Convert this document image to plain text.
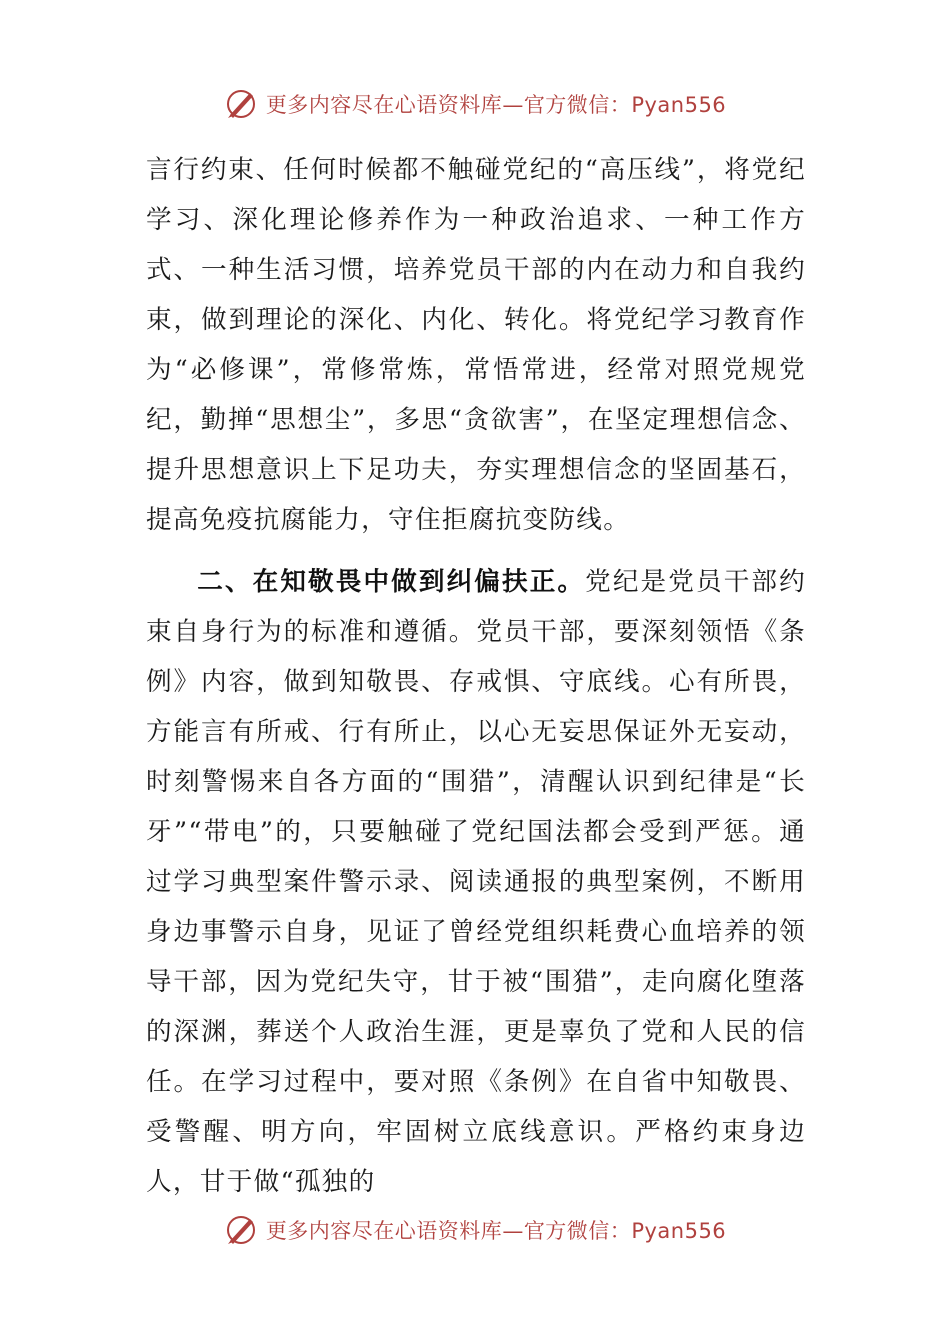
更多内容尽在心语资料库—官方微信：Pyan556

言行约束、任何时候都不触碰党纪的“高压线”，将党纪学习、深化理论修养作为一种政治追求、一种工作方式、一种生活习惯，培养党员干部的内在动力和自我约束，做到理论的深化、内化、转化。将党纪学习教育作为“必修课”，常修常炼，常悟常进，经常对照党规党纪，勤掸“思想尘”，多思“贪欲害”，在坚定理想信念、提升思想意识上下足功夫，夯实理想信念的坚固基石，提高免疫抗腐能力，守住拒腐抗变防线。

二、在知敬畏中做到纠偏扶正。党纪是党员干部约束自身行为的标准和遵循。党员干部，要深刻领悟《条例》内容，做到知敬畏、存戒惧、守底线。心有所畏，方能言有所戒、行有所止，以心无妄思保证外无妄动，时刻警惕来自各方面的“围猎”，清醒认识到纪律是“长牙”“带电”的，只要触碰了党纪国法都会受到严惩。通过学习典型案件警示录、阅读通报的典型案例，不断用身边事警示自身，见证了曾经党组织耗费心血培养的领导干部，因为党纪失守，甘于被“围猎”，走向腐化堕落的深渊，葬送个人政治生涯，更是辜负了党和人民的信任。在学习过程中，要对照《条例》在自省中知敬畏、受警醒、明方向，牢固树立底线意识。严格约束身边人，甘于做“孤独的

更多内容尽在心语资料库—官方微信：Pyan556
